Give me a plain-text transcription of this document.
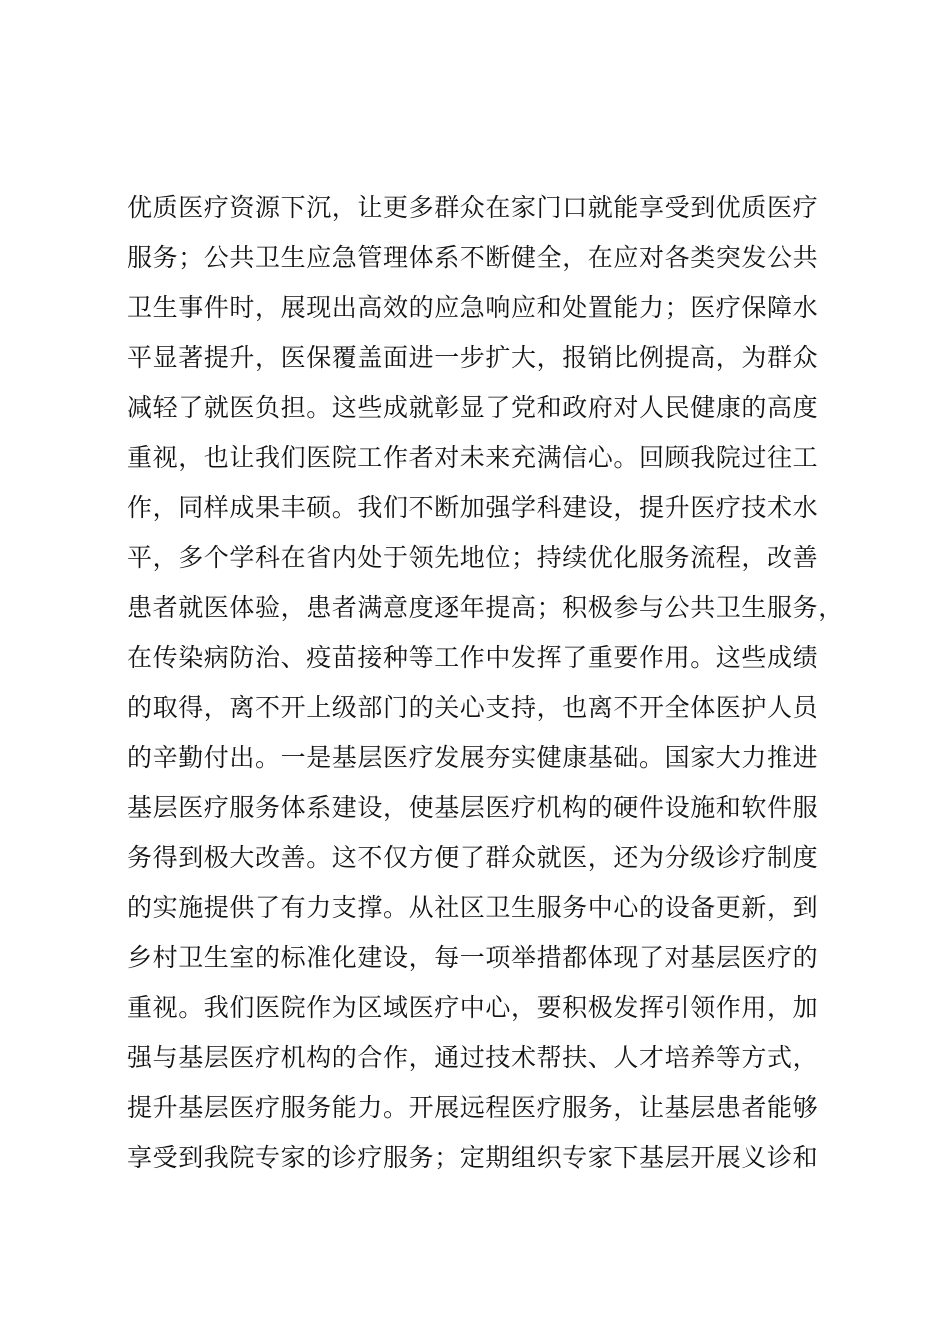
优质医疗资源下沉，让更多群众在家门口就能享受到优质医疗
服务；公共卫生应急管理体系不断健全，在应对各类突发公共
卫生事件时，展现出高效的应急响应和处置能力；医疗保障水
平显著提升，医保覆盖面进一步扩大，报销比例提高，为群众
减轻了就医负担。这些成就彰显了党和政府对人民健康的高度
重视，也让我们医院工作者对未来充满信心。回顾我院过往工
作，同样成果丰硕。我们不断加强学科建设，提升医疗技术水
平，多个学科在省内处于领先地位；持续优化服务流程，改善
患者就医体验，患者满意度逐年提高；积极参与公共卫生服务，
在传染病防治、疫苗接种等工作中发挥了重要作用。这些成绩
的取得，离不开上级部门的关心支持，也离不开全体医护人员
的辛勤付出。一是基层医疗发展夯实健康基础。国家大力推进
基层医疗服务体系建设，使基层医疗机构的硬件设施和软件服
务得到极大改善。这不仅方便了群众就医，还为分级诊疗制度
的实施提供了有力支撑。从社区卫生服务中心的设备更新，到
乡村卫生室的标准化建设，每一项举措都体现了对基层医疗的
重视。我们医院作为区域医疗中心，要积极发挥引领作用，加
强与基层医疗机构的合作，通过技术帮扶、人才培养等方式，
提升基层医疗服务能力。开展远程医疗服务，让基层患者能够
享受到我院专家的诊疗服务；定期组织专家下基层开展义诊和
